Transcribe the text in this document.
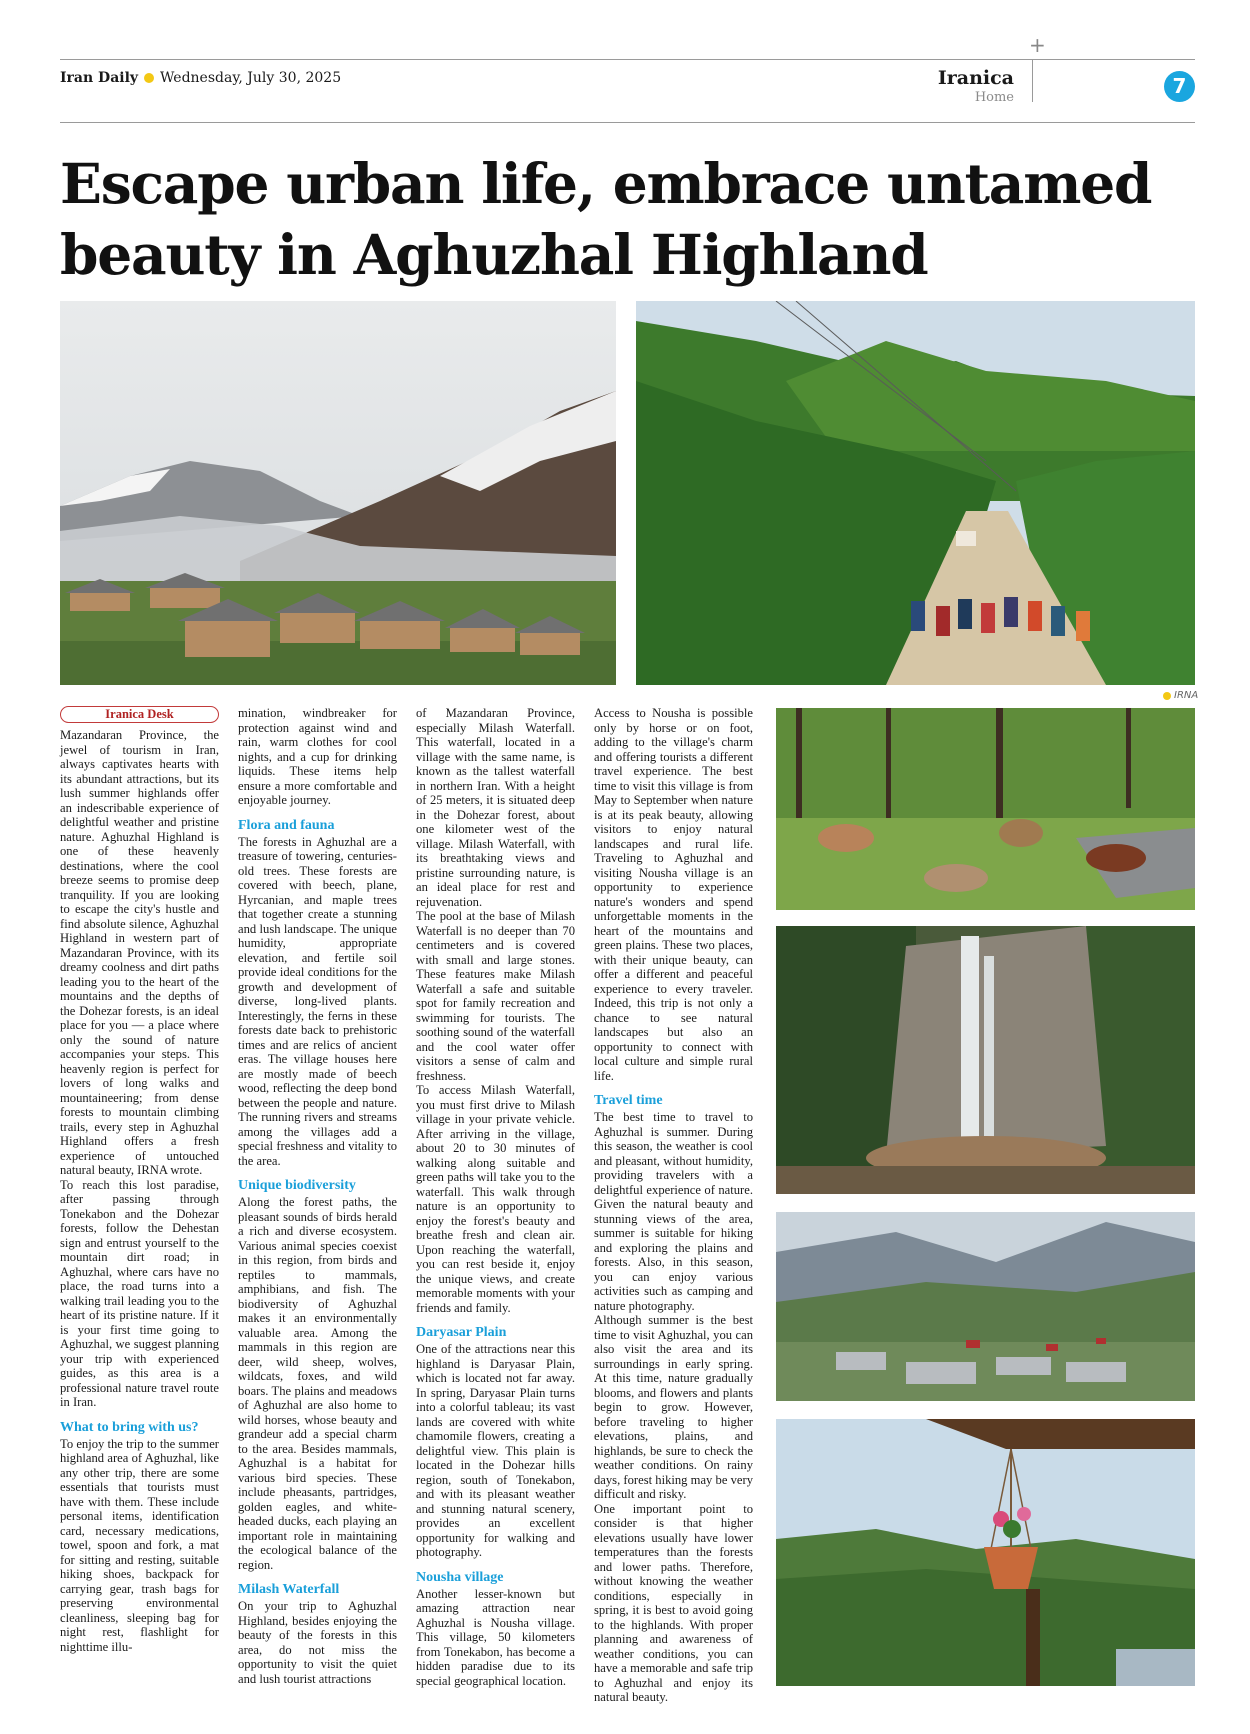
+
Iran Daily Wednesday, July 30, 2025	Iranica
Home	7
Escape urban life, embrace untamed
beauty in Aghuzhal Highland
IRNA
Iranica Desk

Mazandaran Province, the jewel of tourism in Iran, always captivates hearts with its abundant attractions, but its lush summer highlands offer an indescribable experience of delightful weather and pristine nature. Aghuzhal Highland is one of these heavenly destinations, where the cool breeze seems to promise deep tranquility. If you are looking to escape the city's hustle and find absolute silence, Aghuzhal Highland in western part of Mazandaran Province, with its dreamy coolness and dirt paths leading you to the heart of the mountains and the depths of the Dohezar forests, is an ideal place for you — a place where only the sound of nature accompanies your steps. This heavenly region is perfect for lovers of long walks and mountaineering; from dense forests to mountain climbing trails, every step in Aghuzhal Highland offers a fresh experience of untouched natural beauty, IRNA wrote.

To reach this lost paradise, after passing through Tonekabon and the Dohezar forests, follow the Dehestan sign and entrust yourself to the mountain dirt road; in Aghuzhal, where cars have no place, the road turns into a walking trail leading you to the heart of its pristine nature. If it is your first time going to Aghuzhal, we suggest planning your trip with experienced guides, as this area is a professional nature travel route in Iran.

What to bring with us?

To enjoy the trip to the summer highland area of Aghuzhal, like any other trip, there are some essentials that tourists must have with them. These include personal items, identification card, necessary medications, towel, spoon and fork, a mat for sitting and resting, suitable hiking shoes, backpack for carrying gear, trash bags for preserving environmental cleanliness, sleeping bag for night rest, flashlight for nighttime illu-

mination, windbreaker for protection against wind and rain, warm clothes for cool nights, and a cup for drinking liquids. These items help ensure a more comfortable and enjoyable journey.

Flora and fauna

The forests in Aghuzhal are a treasure of towering, centuries-old trees. These forests are covered with beech, plane, Hyrcanian, and maple trees that together create a stunning and lush landscape. The unique humidity, appropriate elevation, and fertile soil provide ideal conditions for the growth and development of diverse, long-lived plants. Interestingly, the ferns in these forests date back to prehistoric times and are relics of ancient eras. The village houses here are mostly made of beech wood, reflecting the deep bond between the people and nature. The running rivers and streams among the villages add a special freshness and vitality to the area.

Unique biodiversity

Along the forest paths, the pleasant sounds of birds herald a rich and diverse ecosystem. Various animal species coexist in this region, from birds and reptiles to mammals, amphibians, and fish. The biodiversity of Aghuzhal makes it an environmentally valuable area. Among the mammals in this region are deer, wild sheep, wolves, wildcats, foxes, and wild boars. The plains and meadows of Aghuzhal are also home to wild horses, whose beauty and grandeur add a special charm to the area. Besides mammals, Aghuzhal is a habitat for various bird species. These include pheasants, partridges, golden eagles, and white-headed ducks, each playing an important role in maintaining the ecological balance of the region.

Milash Waterfall

On your trip to Aghuzhal Highland, besides enjoying the beauty of the forests in this area, do not miss the opportunity to visit the quiet and lush tourist attractions

of Mazandaran Province, especially Milash Waterfall. This waterfall, located in a village with the same name, is known as the tallest waterfall in northern Iran. With a height of 25 meters, it is situated deep in the Dohezar forest, about one kilometer west of the village. Milash Waterfall, with its breathtaking views and pristine surrounding nature, is an ideal place for rest and rejuvenation.

The pool at the base of Milash Waterfall is no deeper than 70 centimeters and is covered with small and large stones. These features make Milash Waterfall a safe and suitable spot for family recreation and swimming for tourists. The soothing sound of the waterfall and the cool water offer visitors a sense of calm and freshness.

To access Milash Waterfall, you must first drive to Milash village in your private vehicle. After arriving in the village, about 20 to 30 minutes of walking along suitable and green paths will take you to the waterfall. This walk through nature is an opportunity to enjoy the forest's beauty and breathe fresh and clean air. Upon reaching the waterfall, you can rest beside it, enjoy the unique views, and create memorable moments with your friends and family.

Daryasar Plain

One of the attractions near this highland is Daryasar Plain, which is located not far away. In spring, Daryasar Plain turns into a colorful tableau; its vast lands are covered with white chamomile flowers, creating a delightful view. This plain is located in the Dohezar hills region, south of Tonekabon, and with its pleasant weather and stunning natural scenery, provides an excellent opportunity for walking and photography.

Nousha village

Another lesser-known but amazing attraction near Aghuzhal is Nousha village. This village, 50 kilometers from Tonekabon, has become a hidden paradise due to its special geographical location.

Access to Nousha is possible only by horse or on foot, adding to the village's charm and offering tourists a different travel experience. The best time to visit this village is from May to September when nature is at its peak beauty, allowing visitors to enjoy natural landscapes and rural life. Traveling to Aghuzhal and visiting Nousha village is an opportunity to experience nature's wonders and spend unforgettable moments in the heart of the mountains and green plains. These two places, with their unique beauty, can offer a different and peaceful experience to every traveler. Indeed, this trip is not only a chance to see natural landscapes but also an opportunity to connect with local culture and simple rural life.

Travel time

The best time to travel to Aghuzhal is summer. During this season, the weather is cool and pleasant, without humidity, providing travelers with a delightful experience of nature. Given the natural beauty and stunning views of the area, summer is suitable for hiking and exploring the plains and forests. Also, in this season, you can enjoy various activities such as camping and nature photography.

Although summer is the best time to visit Aghuzhal, you can also visit the area and its surroundings in early spring. At this time, nature gradually blooms, and flowers and plants begin to grow. However, before traveling to higher elevations, plains, and highlands, be sure to check the weather conditions. On rainy days, forest hiking may be very difficult and risky.

One important point to consider is that higher elevations usually have lower temperatures than the forests and lower paths. Therefore, without knowing the weather conditions, especially in spring, it is best to avoid going to the highlands. With proper planning and awareness of weather conditions, you can have a memorable and safe trip to Aghuzhal and enjoy its natural beauty.
